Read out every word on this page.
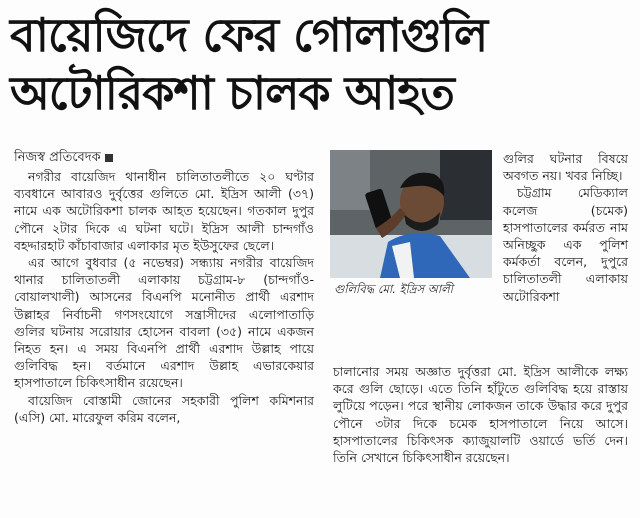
বায়েজিদে ফের গোলাগুলি
অটোরিকশা চালক আহত
নিজস্ব প্রতিবেদক

নগরীর বায়েজিদ থানাধীন চালিতাতলীতে ২০ ঘণ্টার ব্যবধানে আবারও দুর্বৃত্তের গুলিতে মো. ইদ্রিস আলী (৩৭) নামে এক অটোরিকশা চালক আহত হয়েছেন। গতকাল দুপুর পৌনে ২টার দিকে এ ঘটনা ঘটে। ইদ্রিস আলী চান্দগাঁও বহদ্দারহাট কাঁচাবাজার এলাকার মৃত ইউসুফের ছেলে।

এর আগে বুধবার (৫ নভেম্বর) সন্ধ্যায় নগরীর বায়েজিদ থানার চালিতাতলী এলাকায় চট্টগ্রাম-৮ (চান্দগাঁও-বোয়ালখালী) আসনের বিএনপি মনোনীত প্রার্থী এরশাদ উল্লাহর নির্বাচনী গণসংযোগে সন্ত্রাসীদের এলোপাতাড়ি গুলির ঘটনায় সরোয়ার হোসেন বাবলা (৩৫) নামে একজন নিহত হন। এ সময় বিএনপি প্রার্থী এরশাদ উল্লাহ পায়ে গুলিবিদ্ধ হন। বর্তমানে এরশাদ উল্লাহ এভারকেয়ার হাসপাতালে চিকিৎসাধীন রয়েছেন।

বায়েজিদ বোস্তামী জোনের সহকারী পুলিশ কমিশনার (এসি) মো. মারেফুল করিম বলেন,

গুলিবিদ্ধ মো. ইদ্রিস আলী

গুলির ঘটনার বিষয়ে অবগত নয়। খবর নিচ্ছি।

চট্টগ্রাম মেডিক্যাল কলেজ (চমেক) হাসপাতালের কর্মরত নাম অনিচ্ছুক এক পুলিশ কর্মকর্তা বলেন, দুপুরে চালিতাতলী এলাকায় অটোরিকশা

চালানোর সময় অজ্ঞাত দুর্বৃত্তরা মো. ইদ্রিস আলীকে লক্ষ্য করে গুলি ছোড়ে। এতে তিনি হাঁটুতে গুলিবিদ্ধ হয়ে রাস্তায় লুটিয়ে পড়েন। পরে স্থানীয় লোকজন তাকে উদ্ধার করে দুপুর পৌনে ৩টার দিকে চমেক হাসপাতালে নিয়ে আসে। হাসপাতালের চিকিৎসক ক্যাজুয়ালটি ওয়ার্ডে ভর্তি দেন। তিনি সেখানে চিকিৎসাধীন রয়েছেন।
